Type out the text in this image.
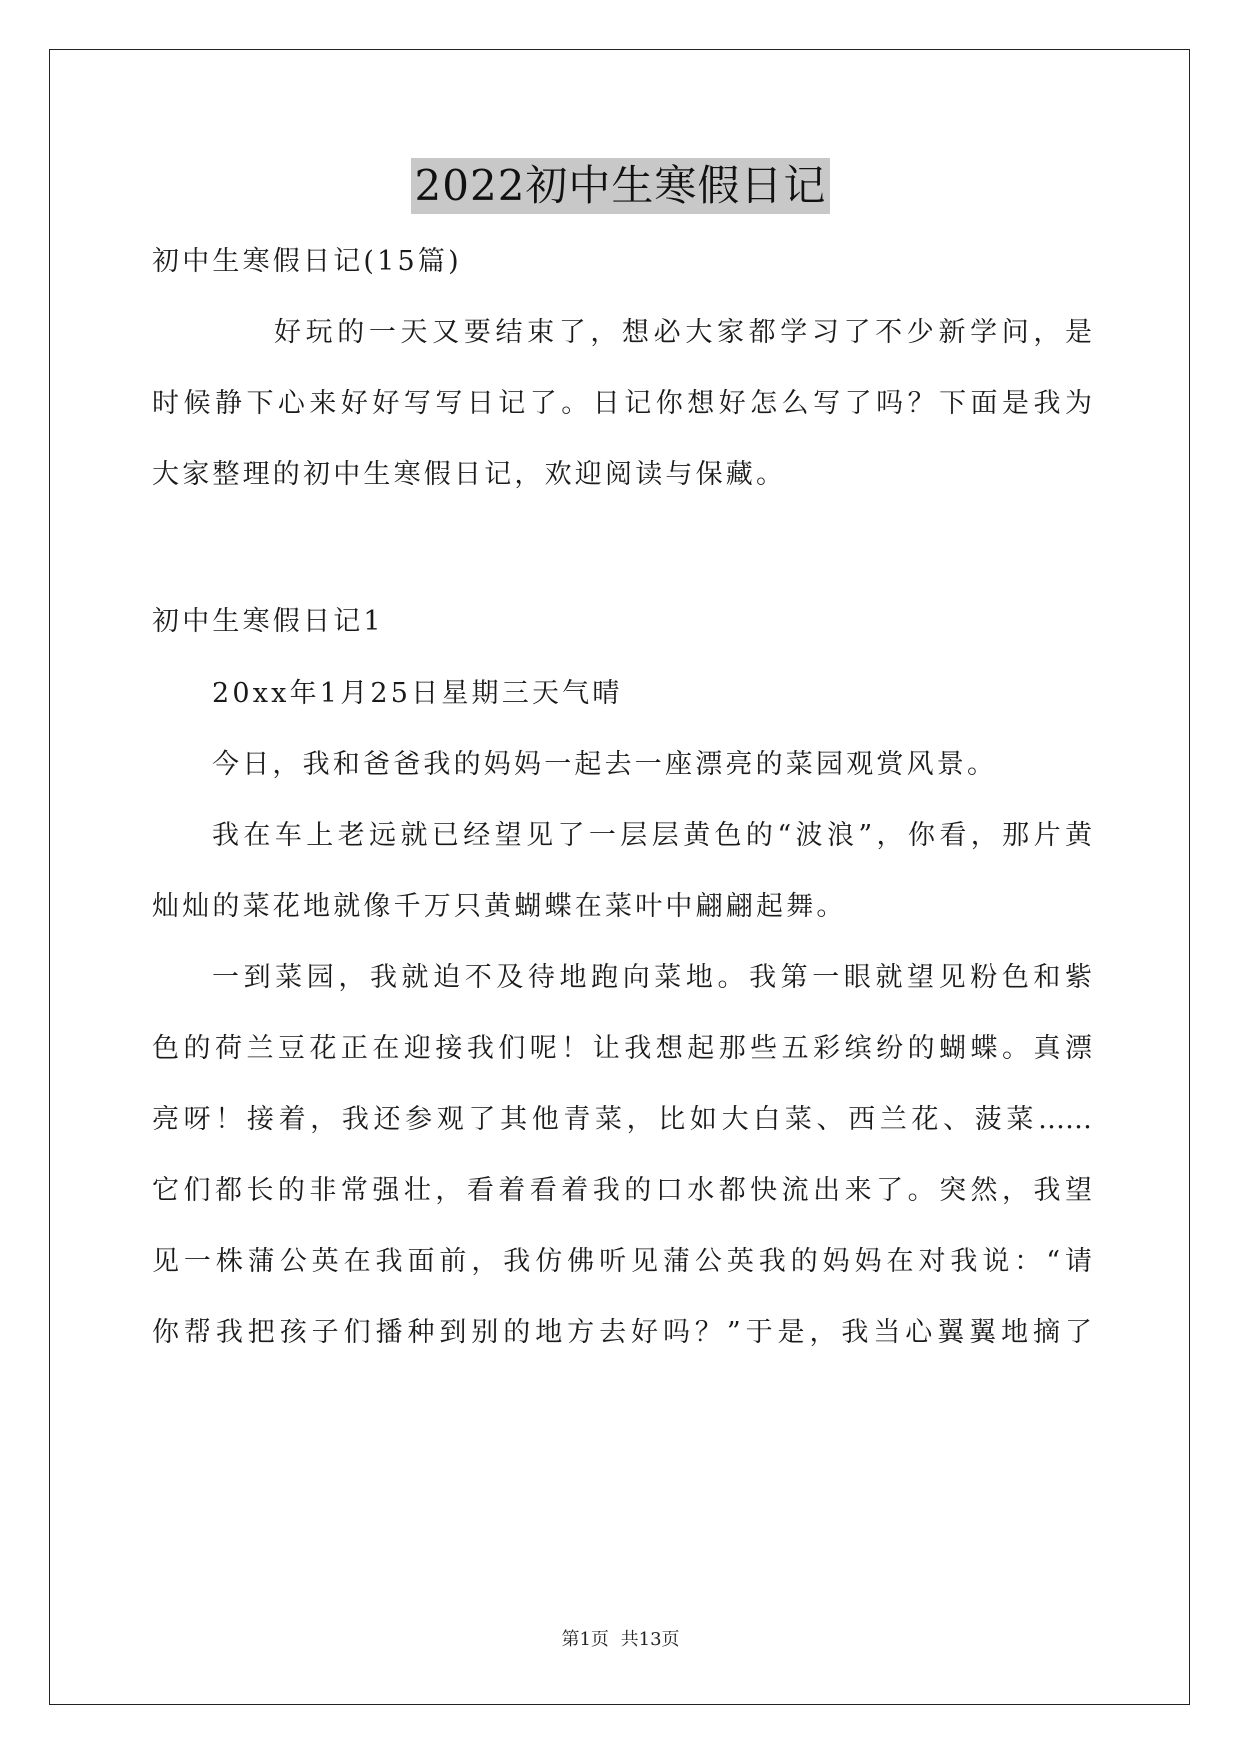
2022初中生寒假日记
初中生寒假日记(15篇)
好玩的一天又要结束了，想必大家都学习了不少新学问，是
时候静下心来好好写写日记了。日记你想好怎么写了吗？下面是我为
大家整理的初中生寒假日记，欢迎阅读与保藏。
初中生寒假日记1
20xx年1月25日星期三天气晴
今日，我和爸爸我的妈妈一起去一座漂亮的菜园观赏风景。
我在车上老远就已经望见了一层层黄色的“波浪”，你看，那片黄
灿灿的菜花地就像千万只黄蝴蝶在菜叶中翩翩起舞。
一到菜园，我就迫不及待地跑向菜地。我第一眼就望见粉色和紫
色的荷兰豆花正在迎接我们呢！让我想起那些五彩缤纷的蝴蝶。真漂
亮呀！接着，我还参观了其他青菜，比如大白菜、西兰花、菠菜……
它们都长的非常强壮，看着看着我的口水都快流出来了。突然，我望
见一株蒲公英在我面前，我仿佛听见蒲公英我的妈妈在对我说：“请
你帮我把孩子们播种到别的地方去好吗？”于是，我当心翼翼地摘了
第1页 共13页
